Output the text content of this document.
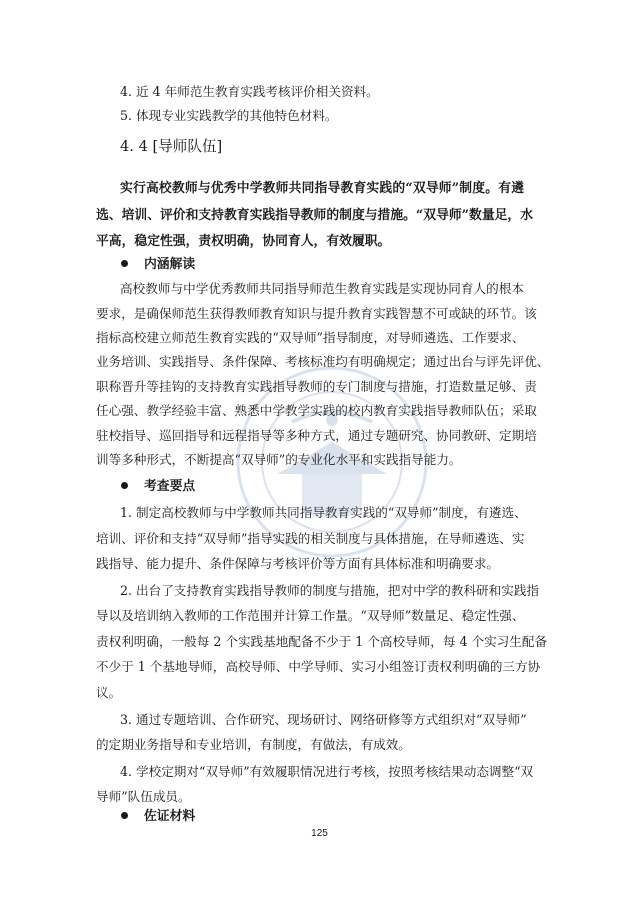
4. 近 4 年师范生教育实践考核评价相关资料。
5. 体现专业实践教学的其他特色材料。
4. 4 [导师队伍]
实行高校教师与优秀中学教师共同指导教育实践的“双导师”制度。有遴
选、培训、评价和支持教育实践指导教师的制度与措施。“双导师”数量足，水
平高，稳定性强，责权明确，协同育人，有效履职。
内涵解读
高校教师与中学优秀教师共同指导师范生教育实践是实现协同育人的根本
要求，是确保师范生获得教师教育知识与提升教育实践智慧不可或缺的环节。该
指标高校建立师范生教育实践的“双导师”指导制度，对导师遴选、工作要求、
业务培训、实践指导、条件保障、考核标准均有明确规定；通过出台与评先评优、
职称晋升等挂钩的支持教育实践指导教师的专门制度与措施，打造数量足够、责
任心强、教学经验丰富、熟悉中学教学实践的校内教育实践指导教师队伍；采取
驻校指导、巡回指导和远程指导等多种方式，通过专题研究、协同教研、定期培
训等多种形式，不断提高“双导师”的专业化水平和实践指导能力。
考查要点
1. 制定高校教师与中学教师共同指导教育实践的“双导师”制度，有遴选、
培训、评价和支持“双导师”指导实践的相关制度与具体措施，在导师遴选、实
践指导、能力提升、条件保障与考核评价等方面有具体标准和明确要求。
2. 出台了支持教育实践指导教师的制度与措施，把对中学的教科研和实践指
导以及培训纳入教师的工作范围并计算工作量。“双导师”数量足、稳定性强、
责权利明确，一般每 2 个实践基地配备不少于 1 个高校导师，每 4 个实习生配备
不少于 1 个基地导师，高校导师、中学导师、实习小组签订责权利明确的三方协
议。
3. 通过专题培训、合作研究、现场研讨、网络研修等方式组织对“双导师”
的定期业务指导和专业培训，有制度，有做法，有成效。
4. 学校定期对“双导师”有效履职情况进行考核，按照考核结果动态调整“双
导师”队伍成员。
佐证材料
125
